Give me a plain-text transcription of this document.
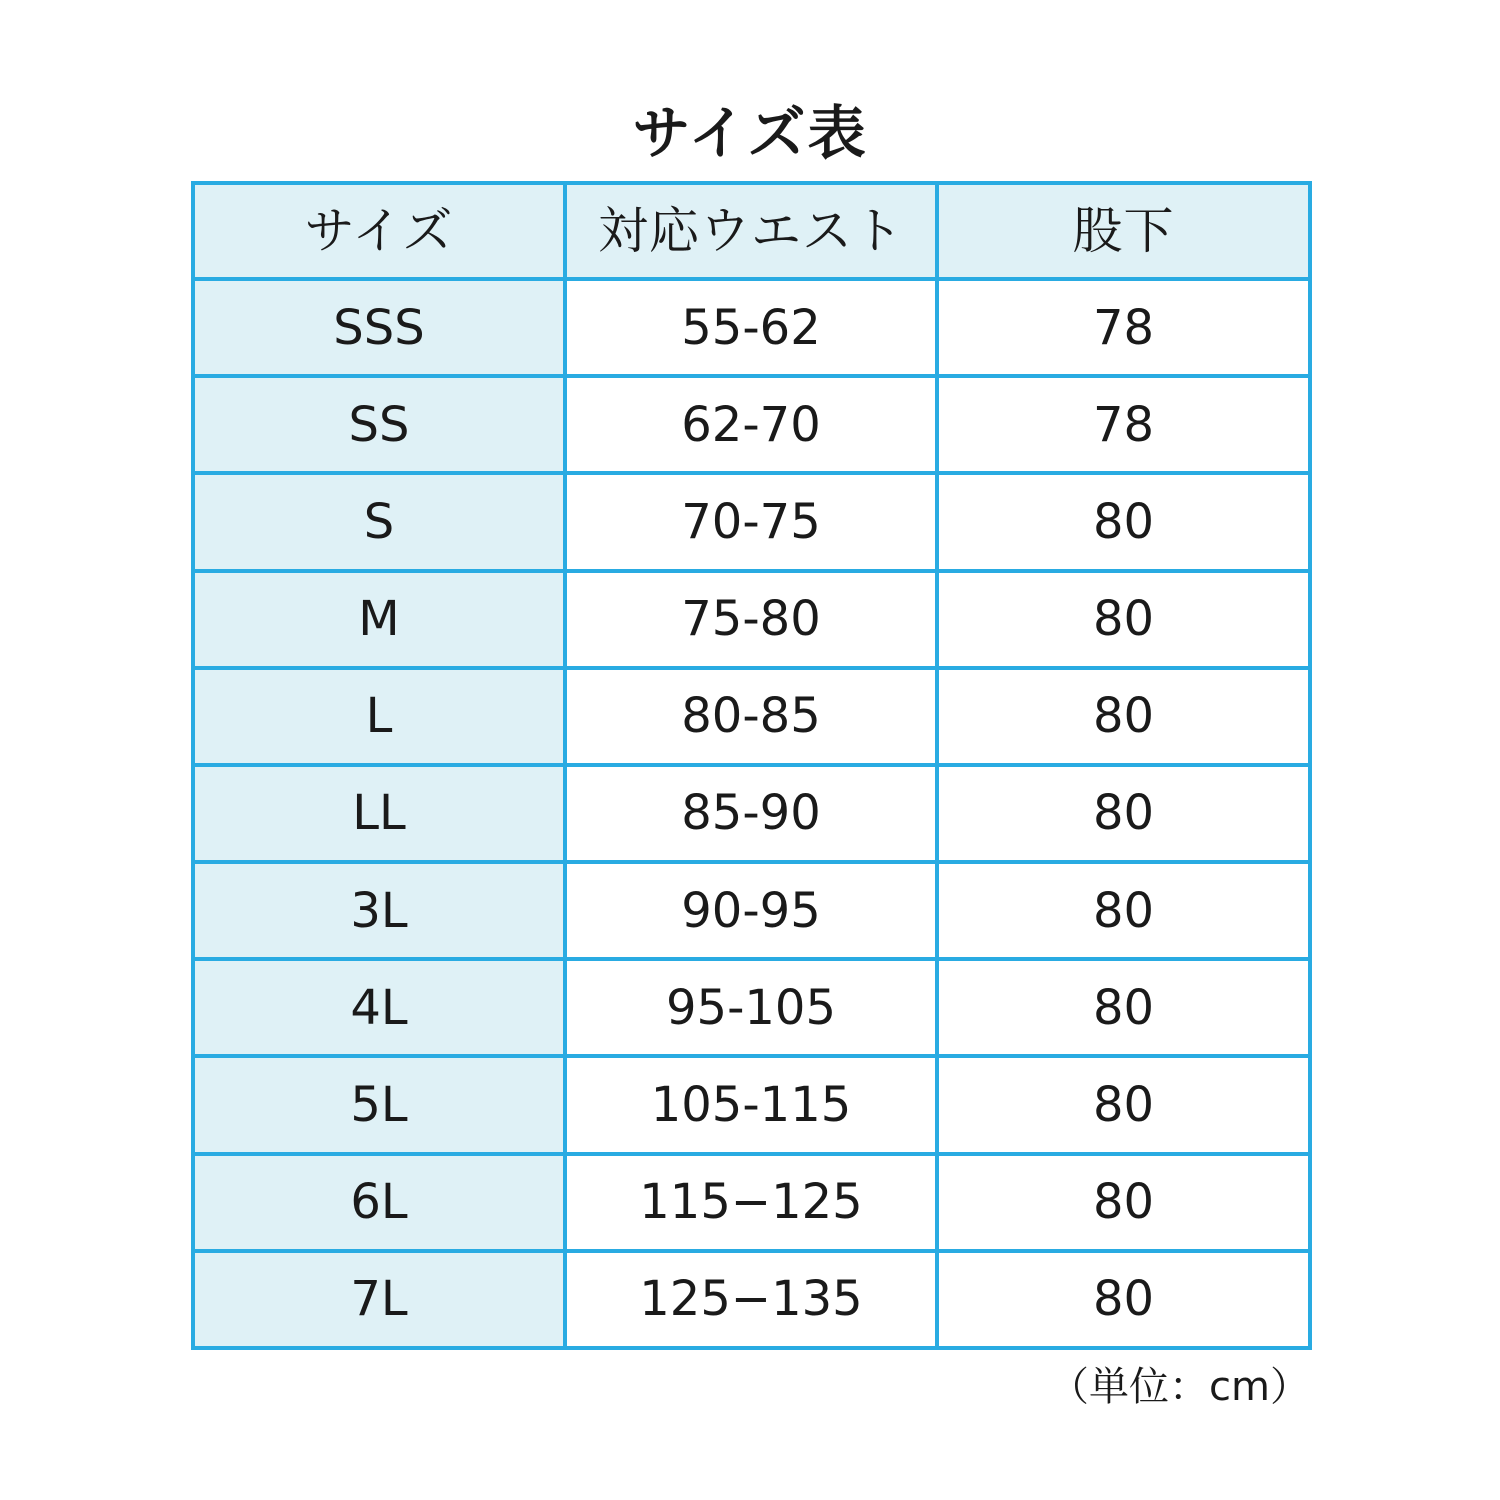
サイズ表
サイズ	対応ウエスト	股下
SSS	55-62	78
SS	62-70	78
S	70-75	80
M	75-80	80
L	80-85	80
LL	85-90	80
3L	90-95	80
4L	95-105	80
5L	105-115	80
6L	115−125	80
7L	125−135	80
（単位：cm）
